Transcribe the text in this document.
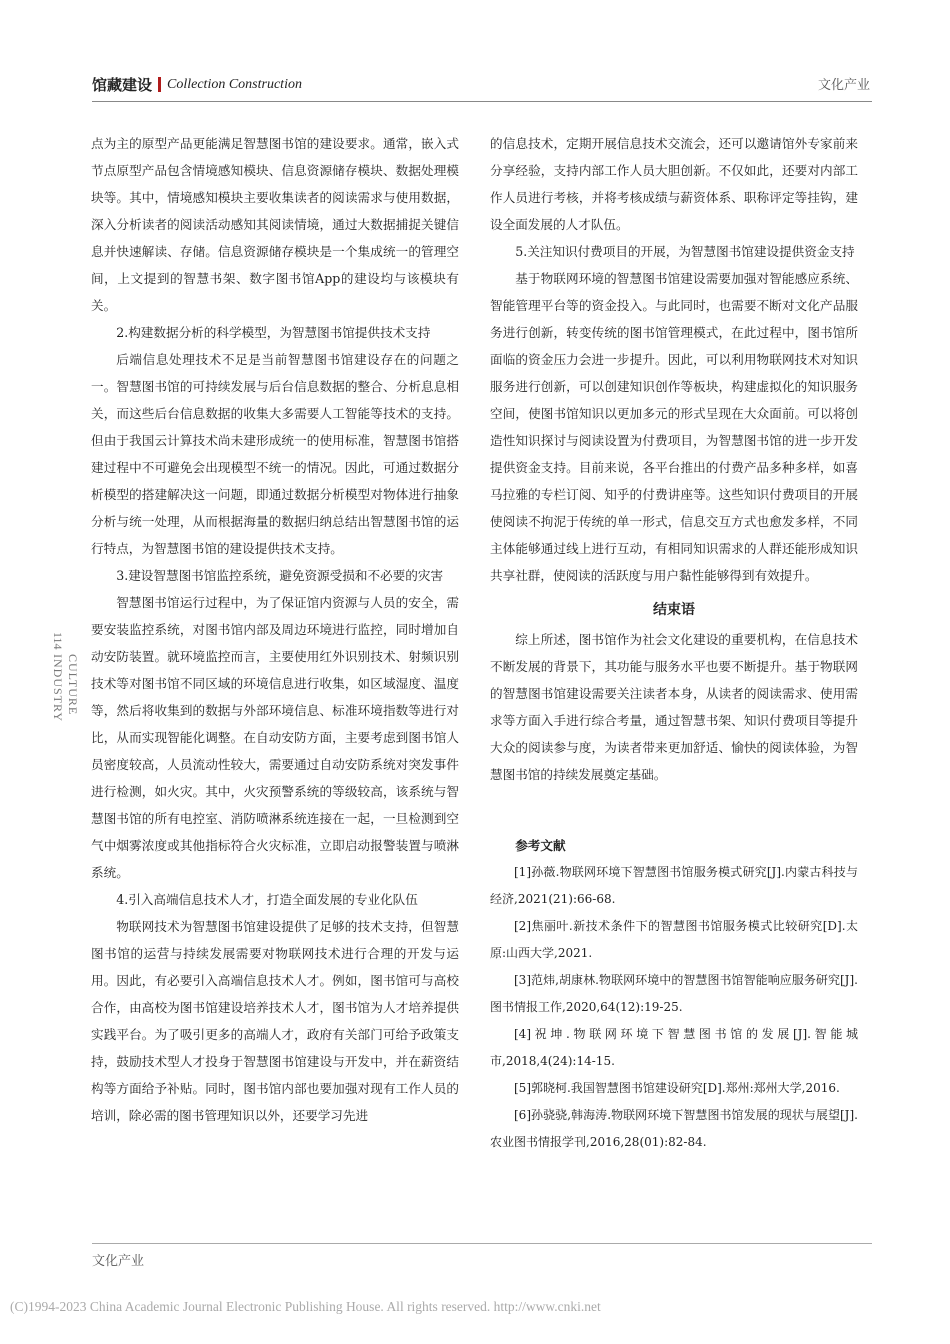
馆藏建设 Collection Construction	文化产业

点为主的原型产品更能满足智慧图书馆的建设要求。通常，嵌入式节点原型产品包含情境感知模块、信息资源储存模块、数据处理模块等。其中，情境感知模块主要收集读者的阅读需求与使用数据，深入分析读者的阅读活动感知其阅读情境，通过大数据捕捉关键信息并快速解读、存储。信息资源储存模块是一个集成统一的管理空间，上文提到的智慧书架、数字图书馆App的建设均与该模块有关。

2.构建数据分析的科学模型，为智慧图书馆提供技术支持

后端信息处理技术不足是当前智慧图书馆建设存在的问题之一。智慧图书馆的可持续发展与后台信息数据的整合、分析息息相关，而这些后台信息数据的收集大多需要人工智能等技术的支持。但由于我国云计算技术尚未建形成统一的使用标准，智慧图书馆搭建过程中不可避免会出现模型不统一的情况。因此，可通过数据分析模型的搭建解决这一问题，即通过数据分析模型对物体进行抽象分析与统一处理，从而根据海量的数据归纳总结出智慧图书馆的运行特点，为智慧图书馆的建设提供技术支持。

3.建设智慧图书馆监控系统，避免资源受损和不必要的灾害

智慧图书馆运行过程中，为了保证馆内资源与人员的安全，需要安装监控系统，对图书馆内部及周边环境进行监控，同时增加自动安防装置。就环境监控而言，主要使用红外识别技术、射频识别技术等对图书馆不同区域的环境信息进行收集，如区域湿度、温度等，然后将收集到的数据与外部环境信息、标准环境指数等进行对比，从而实现智能化调整。在自动安防方面，主要考虑到图书馆人员密度较高，人员流动性较大，需要通过自动安防系统对突发事件进行检测，如火灾。其中，火灾预警系统的等级较高，该系统与智慧图书馆的所有电控室、消防喷淋系统连接在一起，一旦检测到空气中烟雾浓度或其他指标符合火灾标准，立即启动报警装置与喷淋系统。

4.引入高端信息技术人才，打造全面发展的专业化队伍

物联网技术为智慧图书馆建设提供了足够的技术支持，但智慧图书馆的运营与持续发展需要对物联网技术进行合理的开发与运用。因此，有必要引入高端信息技术人才。例如，图书馆可与高校合作，由高校为图书馆建设培养技术人才，图书馆为人才培养提供实践平台。为了吸引更多的高端人才，政府有关部门可给予政策支持，鼓励技术型人才投身于智慧图书馆建设与开发中，并在薪资结构等方面给予补贴。同时，图书馆内部也要加强对现有工作人员的培训，除必需的图书管理知识以外，还要学习先进

的信息技术，定期开展信息技术交流会，还可以邀请馆外专家前来分享经验，支持内部工作人员大胆创新。不仅如此，还要对内部工作人员进行考核，并将考核成绩与薪资体系、职称评定等挂钩，建设全面发展的人才队伍。

5.关注知识付费项目的开展，为智慧图书馆建设提供资金支持

基于物联网环境的智慧图书馆建设需要加强对智能感应系统、智能管理平台等的资金投入。与此同时，也需要不断对文化产品服务进行创新，转变传统的图书馆管理模式，在此过程中，图书馆所面临的资金压力会进一步提升。因此，可以利用物联网技术对知识服务进行创新，可以创建知识创作等板块，构建虚拟化的知识服务空间，使图书馆知识以更加多元的形式呈现在大众面前。可以将创造性知识探讨与阅读设置为付费项目，为智慧图书馆的进一步开发提供资金支持。目前来说，各平台推出的付费产品多种多样，如喜马拉雅的专栏订阅、知乎的付费讲座等。这些知识付费项目的开展使阅读不拘泥于传统的单一形式，信息交互方式也愈发多样，不同主体能够通过线上进行互动，有相同知识需求的人群还能形成知识共享社群，使阅读的活跃度与用户黏性能够得到有效提升。

结束语

综上所述，图书馆作为社会文化建设的重要机构，在信息技术不断发展的背景下，其功能与服务水平也要不断提升。基于物联网的智慧图书馆建设需要关注读者本身，从读者的阅读需求、使用需求等方面入手进行综合考量，通过智慧书架、知识付费项目等提升大众的阅读参与度，为读者带来更加舒适、愉快的阅读体验，为智慧图书馆的持续发展奠定基础。

参考文献

[1]孙薇.物联网环境下智慧图书馆服务模式研究[J].内蒙古科技与经济,2021(21):66-68.

[2]焦丽叶.新技术条件下的智慧图书馆服务模式比较研究[D].太原:山西大学,2021.

[3]范炜,胡康林.物联网环境中的智慧图书馆智能响应服务研究[J].图书情报工作,2020,64(12):19-25.

[4]祝坤.物联网环境下智慧图书馆的发展[J].智能城市,2018,4(24):14-15.

[5]郭晓柯.我国智慧图书馆建设研究[D].郑州:郑州大学,2016.

[6]孙骁骁,韩海涛.物联网环境下智慧图书馆发展的现状与展望[J].农业图书情报学刊,2016,28(01):82-84.

114
CULTURE INDUSTRY
文化产业
(C)1994-2023 China Academic Journal Electronic Publishing House. All rights reserved. http://www.cnki.net
